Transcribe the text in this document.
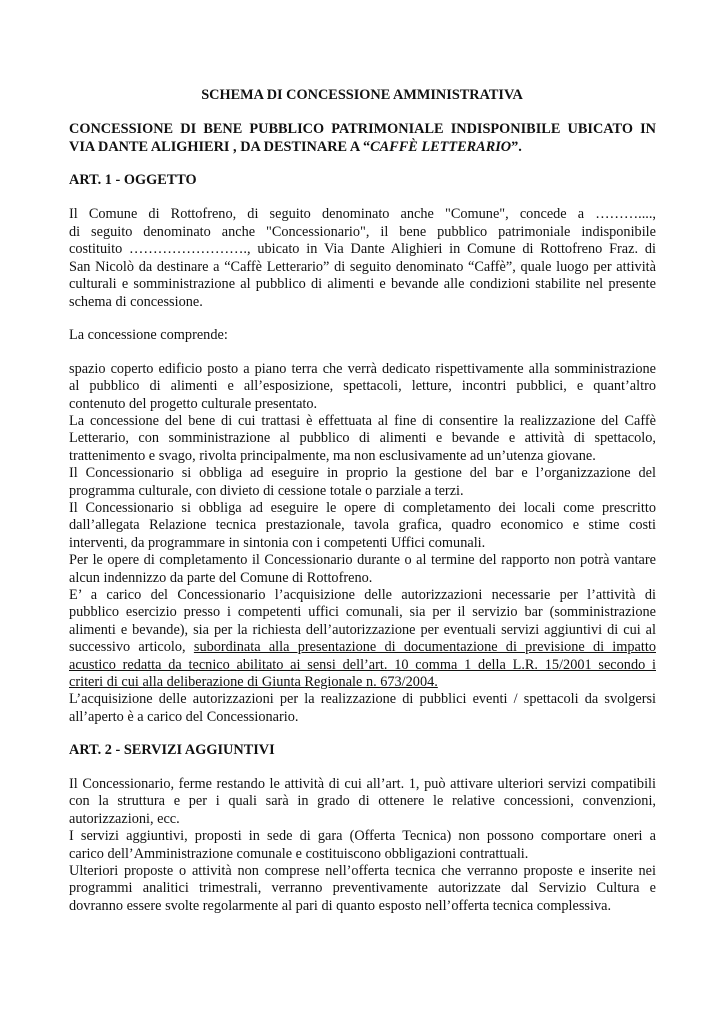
SCHEMA DI CONCESSIONE AMMINISTRATIVA
CONCESSIONE DI BENE PUBBLICO PATRIMONIALE INDISPONIBILE UBICATO IN
VIA DANTE ALIGHIERI , DA DESTINARE A “CAFFÈ LETTERARIO”.
ART. 1 - OGGETTO
Il Comune di Rottofreno, di seguito denominato anche "Comune", concede a ………....,
di seguito denominato anche "Concessionario", il bene pubblico patrimoniale indisponibile
costituito ……………………., ubicato in Via Dante Alighieri in Comune di Rottofreno Fraz. di
San Nicolò da destinare a “Caffè Letterario” di seguito denominato “Caffè”, quale luogo per attività
culturali e somministrazione al pubblico di alimenti e bevande alle condizioni stabilite nel presente
schema di concessione.
La concessione comprende:
spazio coperto edificio posto a piano terra che verrà dedicato rispettivamente alla somministrazione
al pubblico di alimenti e all’esposizione, spettacoli, letture, incontri pubblici, e quant’altro
contenuto del progetto culturale presentato.
La concessione del bene di cui trattasi è effettuata al fine di consentire la realizzazione del Caffè
Letterario, con somministrazione al pubblico di alimenti e bevande e attività di spettacolo,
trattenimento e svago, rivolta principalmente, ma non esclusivamente ad un’utenza giovane.
Il Concessionario si obbliga ad eseguire in proprio la gestione del bar e l’organizzazione del
programma culturale, con divieto di cessione totale o parziale a terzi.
Il Concessionario si obbliga ad eseguire le opere di completamento dei locali come prescritto
dall’allegata Relazione tecnica prestazionale, tavola grafica, quadro economico e stime costi
interventi, da programmare in sintonia con i competenti Uffici comunali.
Per le opere di completamento il Concessionario durante o al termine del rapporto non potrà vantare
alcun indennizzo da parte del Comune di Rottofreno.
E’ a carico del Concessionario l’acquisizione delle autorizzazioni necessarie per l’attività di
pubblico esercizio presso i competenti uffici comunali, sia per il servizio bar (somministrazione
alimenti e bevande), sia per la richiesta dell’autorizzazione per eventuali servizi aggiuntivi di cui al
successivo articolo, subordinata alla presentazione di documentazione di previsione di impatto
acustico redatta da tecnico abilitato ai sensi dell’art. 10 comma 1 della L.R. 15/2001 secondo i
criteri di cui alla deliberazione di Giunta Regionale n. 673/2004.
L’acquisizione delle autorizzazioni per la realizzazione di pubblici eventi / spettacoli da svolgersi
all’aperto è a carico del Concessionario.
ART. 2 - SERVIZI AGGIUNTIVI
Il Concessionario, ferme restando le attività di cui all’art. 1, può attivare ulteriori servizi compatibili
con la struttura e per i quali sarà in grado di ottenere le relative concessioni, convenzioni,
autorizzazioni, ecc.
I servizi aggiuntivi, proposti in sede di gara (Offerta Tecnica) non possono comportare oneri a
carico dell’Amministrazione comunale e costituiscono obbligazioni contrattuali.
Ulteriori proposte o attività non comprese nell’offerta tecnica che verranno proposte e inserite nei
programmi analitici trimestrali, verranno preventivamente autorizzate dal Servizio Cultura e
dovranno essere svolte regolarmente al pari di quanto esposto nell’offerta tecnica complessiva.
